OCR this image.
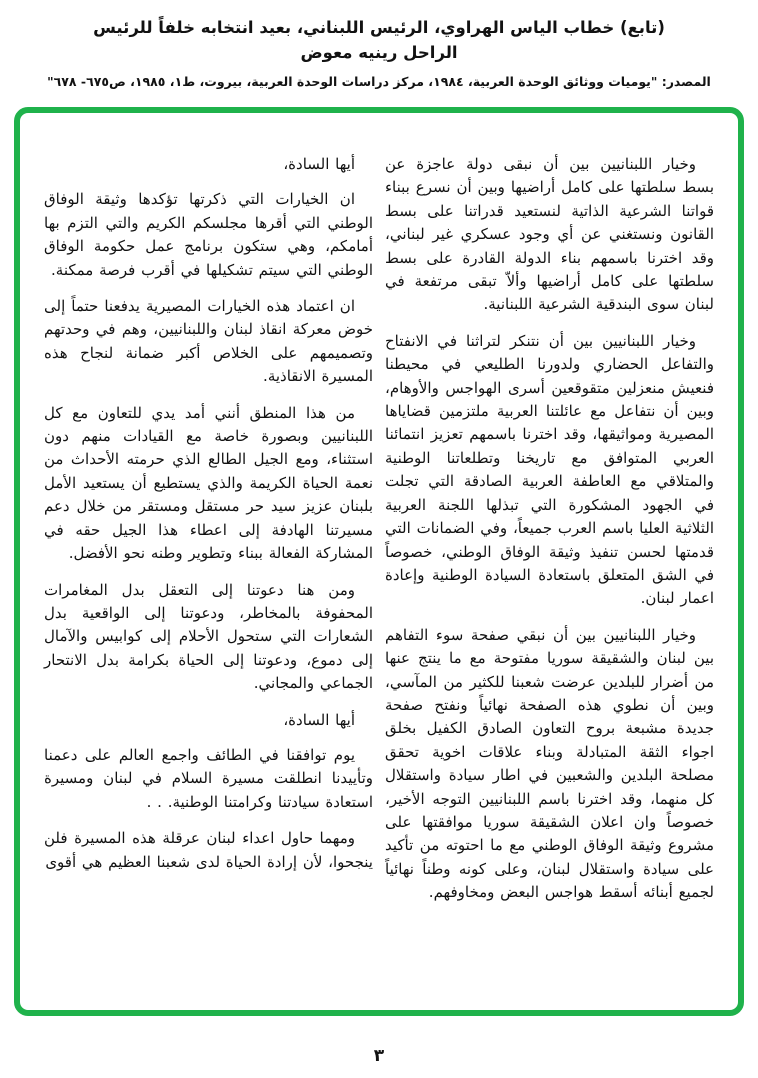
(تابع) خطاب الياس الهراوي، الرئيس اللبناني، بعيد انتخابه خلفاً للرئيس الراحل رينيه معوض
المصدر: "يوميات ووثائق الوحدة العربية، ١٩٨٤، مركز دراسات الوحدة العربية، بيروت، ط١، ١٩٨٥، ص٦٧٥- ٦٧٨"

وخيار اللبنانيين بين أن نبقى دولة عاجزة عن بسط سلطتها على كامل أراضيها وبين أن نسرع ببناء قواتنا الشرعية الذاتية لنستعيد قدراتنا على بسط القانون ونستغني عن أي وجود عسكري غير لبناني، وقد اخترنا باسمهم بناء الدولة القادرة على بسط سلطتها على كامل أراضيها وألاّ تبقى مرتفعة في لبنان سوى البندقية الشرعية اللبنانية.

وخيار اللبنانيين بين أن نتنكر لتراثنا في الانفتاح والتفاعل الحضاري ولدورنا الطليعي في محيطنا فنعيش منعزلين متقوقعين أسرى الهواجس والأوهام، وبين أن نتفاعل مع عائلتنا العربية ملتزمين قضاياها المصيرية ومواثيقها، وقد اخترنا باسمهم تعزيز انتمائنا العربي المتوافق مع تاريخنا وتطلعاتنا الوطنية والمتلاقي مع العاطفة العربية الصادقة التي تجلت في الجهود المشكورة التي تبذلها اللجنة العربية الثلاثية العليا باسم العرب جميعاً، وفي الضمانات التي قدمتها لحسن تنفيذ وثيقة الوفاق الوطني، خصوصاً في الشق المتعلق باستعادة السيادة الوطنية وإعادة اعمار لبنان.

وخيار اللبنانيين بين أن نبقي صفحة سوء التفاهم بين لبنان والشقيقة سوريا مفتوحة مع ما ينتج عنها من أضرار للبلدين عرضت شعبنا للكثير من المآسي، وبين أن نطوي هذه الصفحة نهائياً ونفتح صفحة جديدة مشبعة بروح التعاون الصادق الكفيل بخلق اجواء الثقة المتبادلة وبناء علاقات اخوية تحقق مصلحة البلدين والشعبين في اطار سيادة واستقلال كل منهما، وقد اخترنا باسم اللبنانيين التوجه الأخير، خصوصاً وان اعلان الشقيقة سوريا موافقتها على مشروع وثيقة الوفاق الوطني مع ما احتوته من تأكيد على سيادة واستقلال لبنان، وعلى كونه وطناً نهائياً لجميع أبنائه أسقط هواجس البعض ومخاوفهم.

أيها السادة،

ان الخيارات التي ذكرتها تؤكدها وثيقة الوفاق الوطني التي أقرها مجلسكم الكريم والتي التزم بها أمامكم، وهي ستكون برنامج عمل حكومة الوفاق الوطني التي سيتم تشكيلها في أقرب فرصة ممكنة.

ان اعتماد هذه الخيارات المصيرية يدفعنا حتماً إلى خوض معركة انقاذ لبنان واللبنانيين، وهم في وحدتهم وتصميمهم على الخلاص أكبر ضمانة لنجاح هذه المسيرة الانقاذية.

من هذا المنطق أنني أمد يدي للتعاون مع كل اللبنانيين وبصورة خاصة مع القيادات منهم دون استثناء، ومع الجيل الطالع الذي حرمته الأحداث من نعمة الحياة الكريمة والذي يستطيع أن يستعيد الأمل بلبنان عزيز سيد حر مستقل ومستقر من خلال دعم مسيرتنا الهادفة إلى اعطاء هذا الجيل حقه في المشاركة الفعالة ببناء وتطوير وطنه نحو الأفضل.

ومن هنا دعوتنا إلى التعقل بدل المغامرات المحفوفة بالمخاطر، ودعوتنا إلى الواقعية بدل الشعارات التي ستحول الأحلام إلى كوابيس والآمال إلى دموع، ودعوتنا إلى الحياة بكرامة بدل الانتحار الجماعي والمجاني.

أيها السادة،

يوم توافقنا في الطائف واجمع العالم على دعمنا وتأييدنا انطلقت مسيرة السلام في لبنان ومسيرة استعادة سيادتنا وكرامتنا الوطنية. . .

ومهما حاول اعداء لبنان عرقلة هذه المسيرة فلن ينجحوا، لأن إرادة الحياة لدى شعبنا العظيم هي أقوى

٣
